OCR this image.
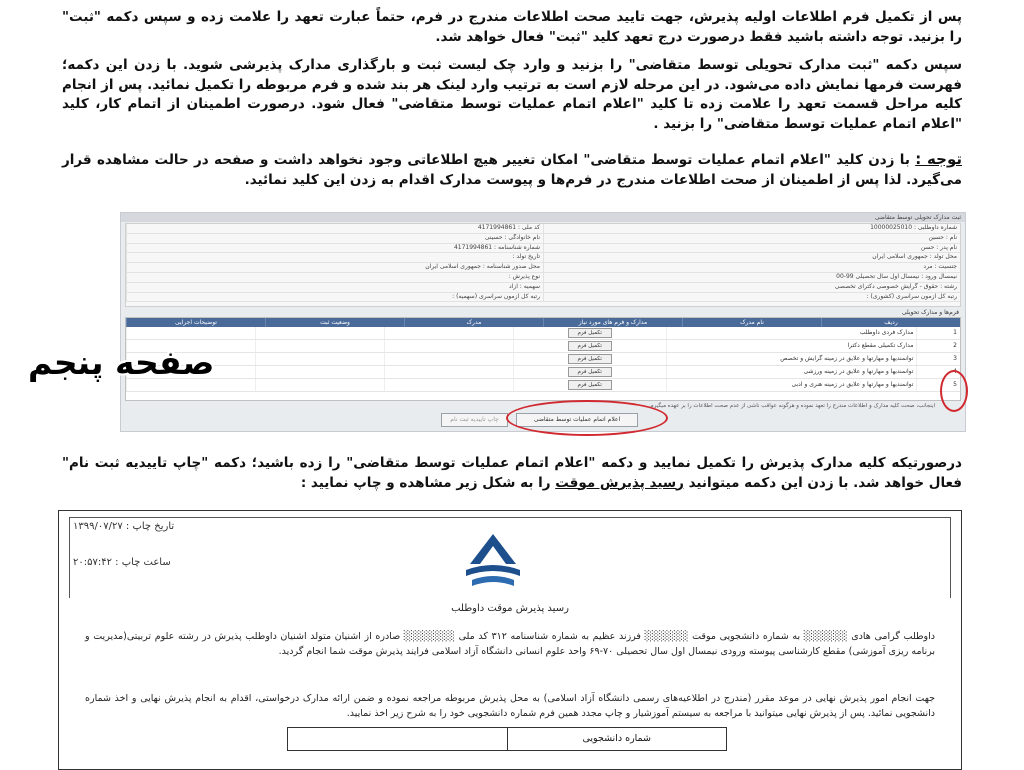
پس از تکمیل فرم اطلاعات اولیه پذیرش، جهت تایید صحت اطلاعات مندرج در فرم، حتماً عبارت تعهد را علامت زده و سپس دکمه "ثبت" را بزنید. توجه داشته باشید فقط درصورت درج تعهد کلید "ثبت" فعال خواهد شد.

سپس دکمه "ثبت مدارک تحویلی توسط متقاضی" را بزنید و وارد چک لیست ثبت و بارگذاری مدارک پذیرشی شوید. با زدن این دکمه؛ فهرست فرمها نمایش داده می‌شود. در این مرحله لازم است به ترتیب وارد لینک هر بند شده و فرم مربوطه را تکمیل نمائید. پس از انجام کلیه مراحل قسمت تعهد را علامت زده تا کلید "اعلام اتمام عملیات توسط متقاضی" فعال شود. درصورت اطمینان از اتمام کار، کلید "اعلام اتمام عملیات توسط متقاضی" را بزنید .

توجه : با زدن کلید "اعلام اتمام عملیات توسط متقاضی" امکان تغییر هیچ اطلاعاتی وجود نخواهد داشت و صفحه در حالت مشاهده قرار می‌گیرد. لذا پس از اطمینان از صحت اطلاعات مندرج در فرم‌ها و پیوست مدارک اقدام به زدن این کلید نمائید.

ثبت مدارک تحویلی توسط متقاضی
شماره داوطلبی : 10000025010
کد ملی : 4171994861
نام : حسین
نام خانوادگی : حسینی
نام پدر : حسن
شماره شناسنامه : 4171994861
محل تولد : جمهوری اسلامی ایران
تاریخ تولد :
جنسیت : مرد
محل صدور شناسنامه : جمهوری اسلامی ایران
نیمسال ورود : نیمسال اول سال تحصیلی 99-00
نوع پذیرش :
رشته : حقوق - گرایش خصوصی دکترای تخصصی
سهمیه : آزاد
رتبه کل آزمون سراسری (کشوری) :
رتبه کل آزمون سراسری (سهمیه) :
فرم‌ها و مدارک تحویلی
ردیف
نام مدرک
مدارک و فرم های مورد نیاز
مدرک
وضعیت ثبت
توضیحات اجرایی
1
مدارک فردی داوطلب
تکمیل فرم
2
مدارک تکمیلی مقطع دکترا
تکمیل فرم
3
توانمندیها و مهارتها و علایق در زمینه گرایش و تخصص
تکمیل فرم
4
توانمندیها و مهارتها و علایق در زمینه ورزشی
تکمیل فرم
5
توانمندیها و مهارتها و علایق در زمینه هنری و ادبی
تکمیل فرم
اینجانب، صحت کلیه مدارک و اطلاعات مندرج را تعهد نموده و هرگونه عواقب ناشی از عدم صحت اطلاعات را بر عهده میگیرم.
اعلام اتمام عملیات توسط متقاضی
چاپ تاییدیه ثبت نام
صفحه پنجم

درصورتیکه کلیه مدارک پذیرش را تکمیل نمایید و دکمه "اعلام اتمام عملیات توسط متقاضی" را زده باشید؛ دکمه "چاپ تاییدیه ثبت نام" فعال خواهد شد. با زدن این دکمه میتوانید رسید پذیرش موقت را به شکل زیر مشاهده و چاپ نمایید :

تاریخ چاپ : ۱۳۹۹/۰۷/۲۷
ساعت چاپ : ۲۰:۵۷:۴۲
رسید پذیرش موقت داوطلب
داوطلب گرامی هادی ░░░░░░ به شماره دانشجویی موقت ░░░░░░ فرزند عظیم به شماره شناسنامه ۳۱۲ کد ملی ░░░░░░░ صادره از اشنیان متولد اشنیان داوطلب پذیرش در رشته علوم تربیتی(مدیریت و برنامه ریزی آموزشی) مقطع کارشناسی پیوسته ورودی نیمسال اول سال تحصیلی ۷۰-۶۹ واحد علوم انسانی دانشگاه آزاد اسلامی فرایند پذیرش موقت شما انجام گردید.
جهت انجام امور پذیرش نهایی در موعد مقرر (مندرج در اطلاعیه‌های رسمی دانشگاه آزاد اسلامی) به محل پذیرش مربوطه مراجعه نموده و ضمن ارائه مدارک درخواستی، اقدام به انجام پذیرش نهایی و اخذ شماره دانشجویی نمائید. پس از پذیرش نهایی میتوانید با مراجعه به سیستم آموزشیار و چاپ مجدد همین فرم شماره دانشجویی خود را به شرح زیر اخذ نمایید.
شماره دانشجویی
